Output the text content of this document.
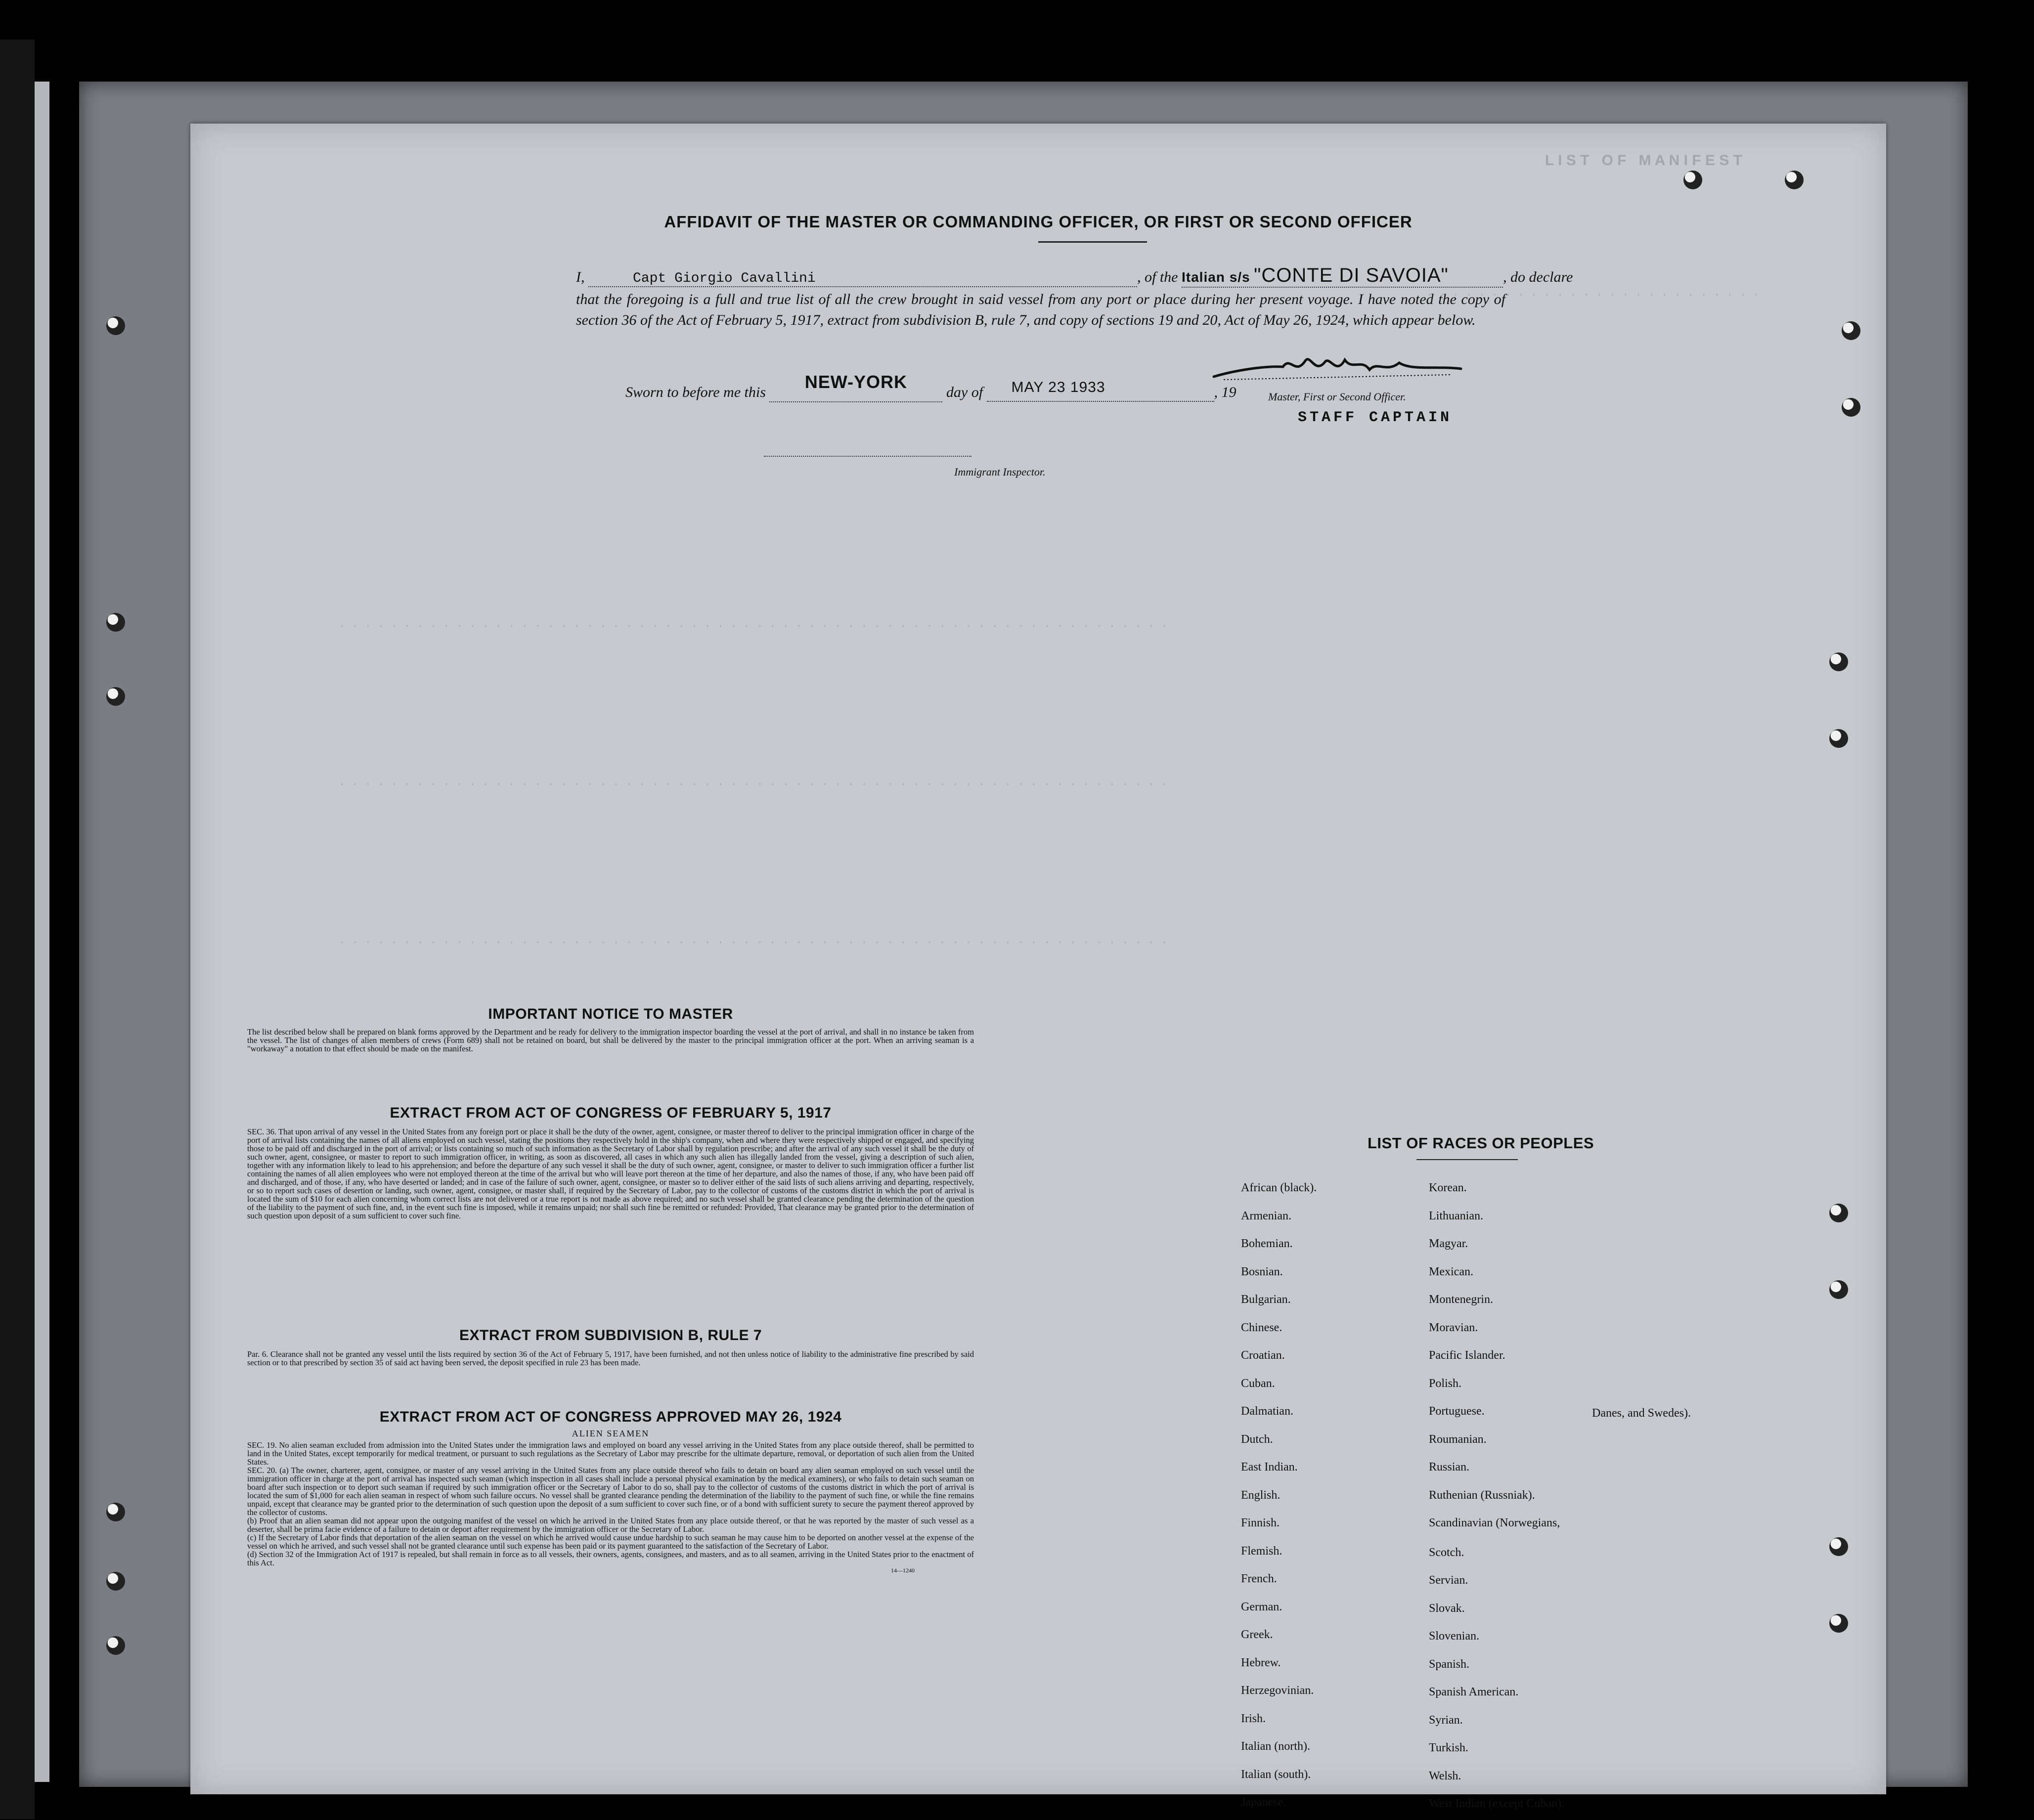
L I S T   O F   M A N I F E S T
. . . . . . . . . . . . . . . . . . . . . . . . . .
. . . . . . . . . . . . . . . . . . . . . . . . . . . . . . . . . . . . . . . . . . . . . . . . . . . . . . . . . . . . . . . .
. . . . . . . . . . . . . . . . . . . . . . . . . . . . . . . . . . . . . . . . . . . . . . . . . . . . . . . . . . . . . . . .
. . . . . . . . . . . . . . . . . . . . . . . . . . . . . . . . . . . . . . . . . . . . . . . . . . . . . . . . . . . . . . . .
AFFIDAVIT OF THE MASTER OR COMMANDING OFFICER, OR FIRST OR SECOND OFFICER
I,	Capt Giorgio Cavallini	, of the Italian s/s "CONTE DI SAVOIA"	, do declare
that the foregoing is a full and true list of all the crew brought in said vessel from any port or place during her present voyage. I have noted the copy of section 36 of the Act of February 5, 1917, extract from subdivision B, rule 7, and copy of sections 19 and 20, Act of May 26, 1924, which appear below.
Sworn to before me this NEW-YORK day of MAY 23 1933	, 19	Master, First or Second Officer.
STAFF CAPTAIN
Immigrant Inspector.
IMPORTANT NOTICE TO MASTER

The list described below shall be prepared on blank forms approved by the Department and be ready for delivery to the immigration inspector boarding the vessel at the port of arrival, and shall in no instance be taken from the vessel. The list of changes of alien members of crews (Form 689) shall not be retained on board, but shall be delivered by the master to the principal immigration officer at the port. When an arriving seaman is a "workaway" a notation to that effect should be made on the manifest.

EXTRACT FROM ACT OF CONGRESS OF FEBRUARY 5, 1917

SEC. 36. That upon arrival of any vessel in the United States from any foreign port or place it shall be the duty of the owner, agent, consignee, or master thereof to deliver to the principal immigration officer in charge of the port of arrival lists containing the names of all aliens employed on such vessel, stating the positions they respectively hold in the ship's company, when and where they were respectively shipped or engaged, and specifying those to be paid off and discharged in the port of arrival; or lists containing so much of such information as the Secretary of Labor shall by regulation prescribe; and after the arrival of any such vessel it shall be the duty of such owner, agent, consignee, or master to report to such immigration officer, in writing, as soon as discovered, all cases in which any such alien has illegally landed from the vessel, giving a description of such alien, together with any information likely to lead to his apprehension; and before the departure of any such vessel it shall be the duty of such owner, agent, consignee, or master to deliver to such immigration officer a further list containing the names of all alien employees who were not employed thereon at the time of the arrival but who will leave port thereon at the time of her departure, and also the names of those, if any, who have been paid off and discharged, and of those, if any, who have deserted or landed; and in case of the failure of such owner, agent, consignee, or master so to deliver either of the said lists of such aliens arriving and departing, respectively, or so to report such cases of desertion or landing, such owner, agent, consignee, or master shall, if required by the Secretary of Labor, pay to the collector of customs of the customs district in which the port of arrival is located the sum of $10 for each alien concerning whom correct lists are not delivered or a true report is not made as above required; and no such vessel shall be granted clearance pending the determination of the question of the liability to the payment of such fine, and, in the event such fine is imposed, while it remains unpaid; nor shall such fine be remitted or refunded: Provided, That clearance may be granted prior to the determination of such question upon deposit of a sum sufficient to cover such fine.

EXTRACT FROM SUBDIVISION B, RULE 7

Par. 6. Clearance shall not be granted any vessel until the lists required by section 36 of the Act of February 5, 1917, have been furnished, and not then unless notice of liability to the administrative fine prescribed by said section or to that prescribed by section 35 of said act having been served, the deposit specified in rule 23 has been made.

EXTRACT FROM ACT OF CONGRESS APPROVED MAY 26, 1924
ALIEN SEAMEN

SEC. 19. No alien seaman excluded from admission into the United States under the immigration laws and employed on board any vessel arriving in the United States from any place outside thereof, shall be permitted to land in the United States, except temporarily for medical treatment, or pursuant to such regulations as the Secretary of Labor may prescribe for the ultimate departure, removal, or deportation of such alien from the United States.

SEC. 20. (a) The owner, charterer, agent, consignee, or master of any vessel arriving in the United States from any place outside thereof who fails to detain on board any alien seaman employed on such vessel until the immigration officer in charge at the port of arrival has inspected such seaman (which inspection in all cases shall include a personal physical examination by the medical examiners), or who fails to detain such seaman on board after such inspection or to deport such seaman if required by such immigration officer or the Secretary of Labor to do so, shall pay to the collector of customs of the customs district in which the port of arrival is located the sum of $1,000 for each alien seaman in respect of whom such failure occurs. No vessel shall be granted clearance pending the determination of the liability to the payment of such fine, or while the fine remains unpaid, except that clearance may be granted prior to the determination of such question upon the deposit of a sum sufficient to cover such fine, or of a bond with sufficient surety to secure the payment thereof approved by the collector of customs.

(b) Proof that an alien seaman did not appear upon the outgoing manifest of the vessel on which he arrived in the United States from any place outside thereof, or that he was reported by the master of such vessel as a deserter, shall be prima facie evidence of a failure to detain or deport after requirement by the immigration officer or the Secretary of Labor.

(c) If the Secretary of Labor finds that deportation of the alien seaman on the vessel on which he arrived would cause undue hardship to such seaman he may cause him to be deported on another vessel at the expense of the vessel on which he arrived, and such vessel shall not be granted clearance until such expense has been paid or its payment guaranteed to the satisfaction of the Secretary of Labor.

(d) Section 32 of the Immigration Act of 1917 is repealed, but shall remain in force as to all vessels, their owners, agents, consignees, and masters, and as to all seamen, arriving in the United States prior to the enactment of this Act.

14—1240
LIST OF RACES OR PEOPLES
African (black).
Armenian.
Bohemian.
Bosnian.
Bulgarian.
Chinese.
Croatian.
Cuban.
Dalmatian.
Dutch.
East Indian.
English.
Finnish.
Flemish.
French.
German.
Greek.
Hebrew.
Herzegovinian.
Irish.
Italian (north).
Italian (south).
Japanese.
Korean.
Lithuanian.
Magyar.
Mexican.
Montenegrin.
Moravian.
Pacific Islander.
Polish.
Portuguese.
Roumanian.
Russian.
Ruthenian (Russniak).
Scandinavian (Norwegians,
Scotch.
Servian.
Slovak.
Slovenian.
Spanish.
Spanish American.
Syrian.
Turkish.
Welsh.
West Indian (except Cuban).
Danes, and Swedes).
